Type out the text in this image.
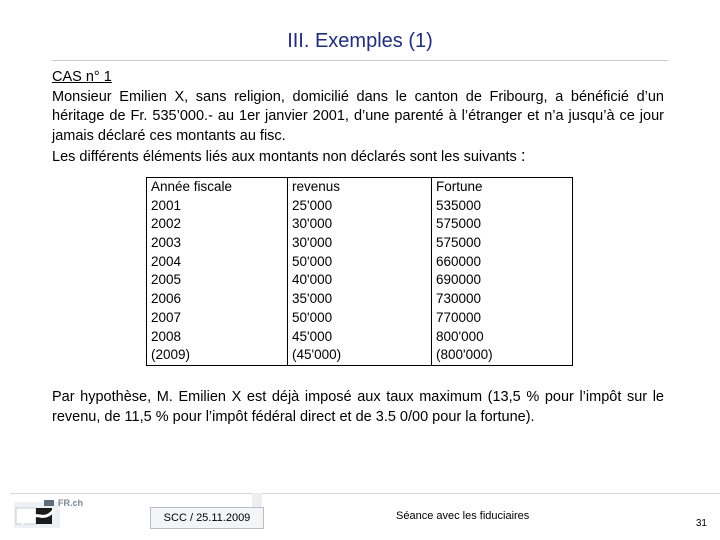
III. Exemples (1)
CAS n° 1
Monsieur Emilien X, sans religion, domicilié dans le canton de Fribourg, a bénéficié d’un héritage de Fr. 535’000.- au 1er janvier 2001, d’une parenté à l’étranger et n’a jusqu’à ce jour jamais déclaré ces montants au fisc.
Les différents éléments liés aux montants non déclarés sont les suivants :
Année fiscale	revenus	Fortune
2001	25'000	535000
2002	30'000	575000
2003	30'000	575000
2004	50'000	660000
2005	40'000	690000
2006	35'000	730000
2007	50'000	770000
2008	45'000	800'000
(2009)	(45'000)	(800'000)
Par hypothèse, M. Emilien X est déjà imposé aux taux maximum (13,5 % pour l’impôt sur le revenu, de 11,5 % pour l’impôt fédéral direct et de 3.5 0/00 pour la fortune).
FR.ch
SCC / 25.11.2009	Séance avec les fiduciaires
31
